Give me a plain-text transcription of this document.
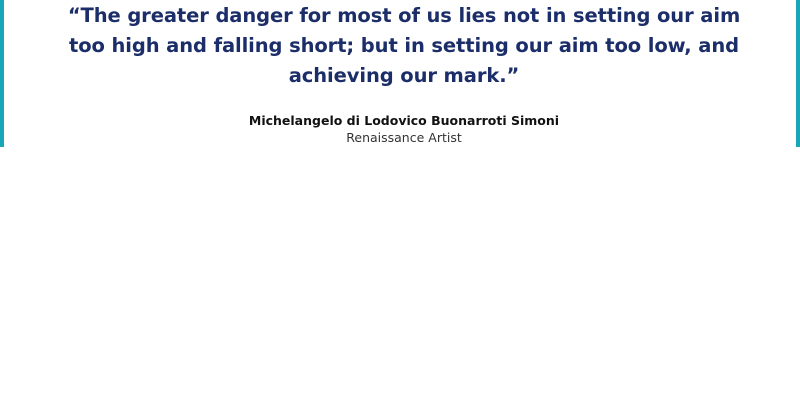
“The greater danger for most of us lies not in setting our aim too high and falling short; but in setting our aim too low, and achieving our mark.”

Michelangelo di Lodovico Buonarroti Simoni

Renaissance Artist
